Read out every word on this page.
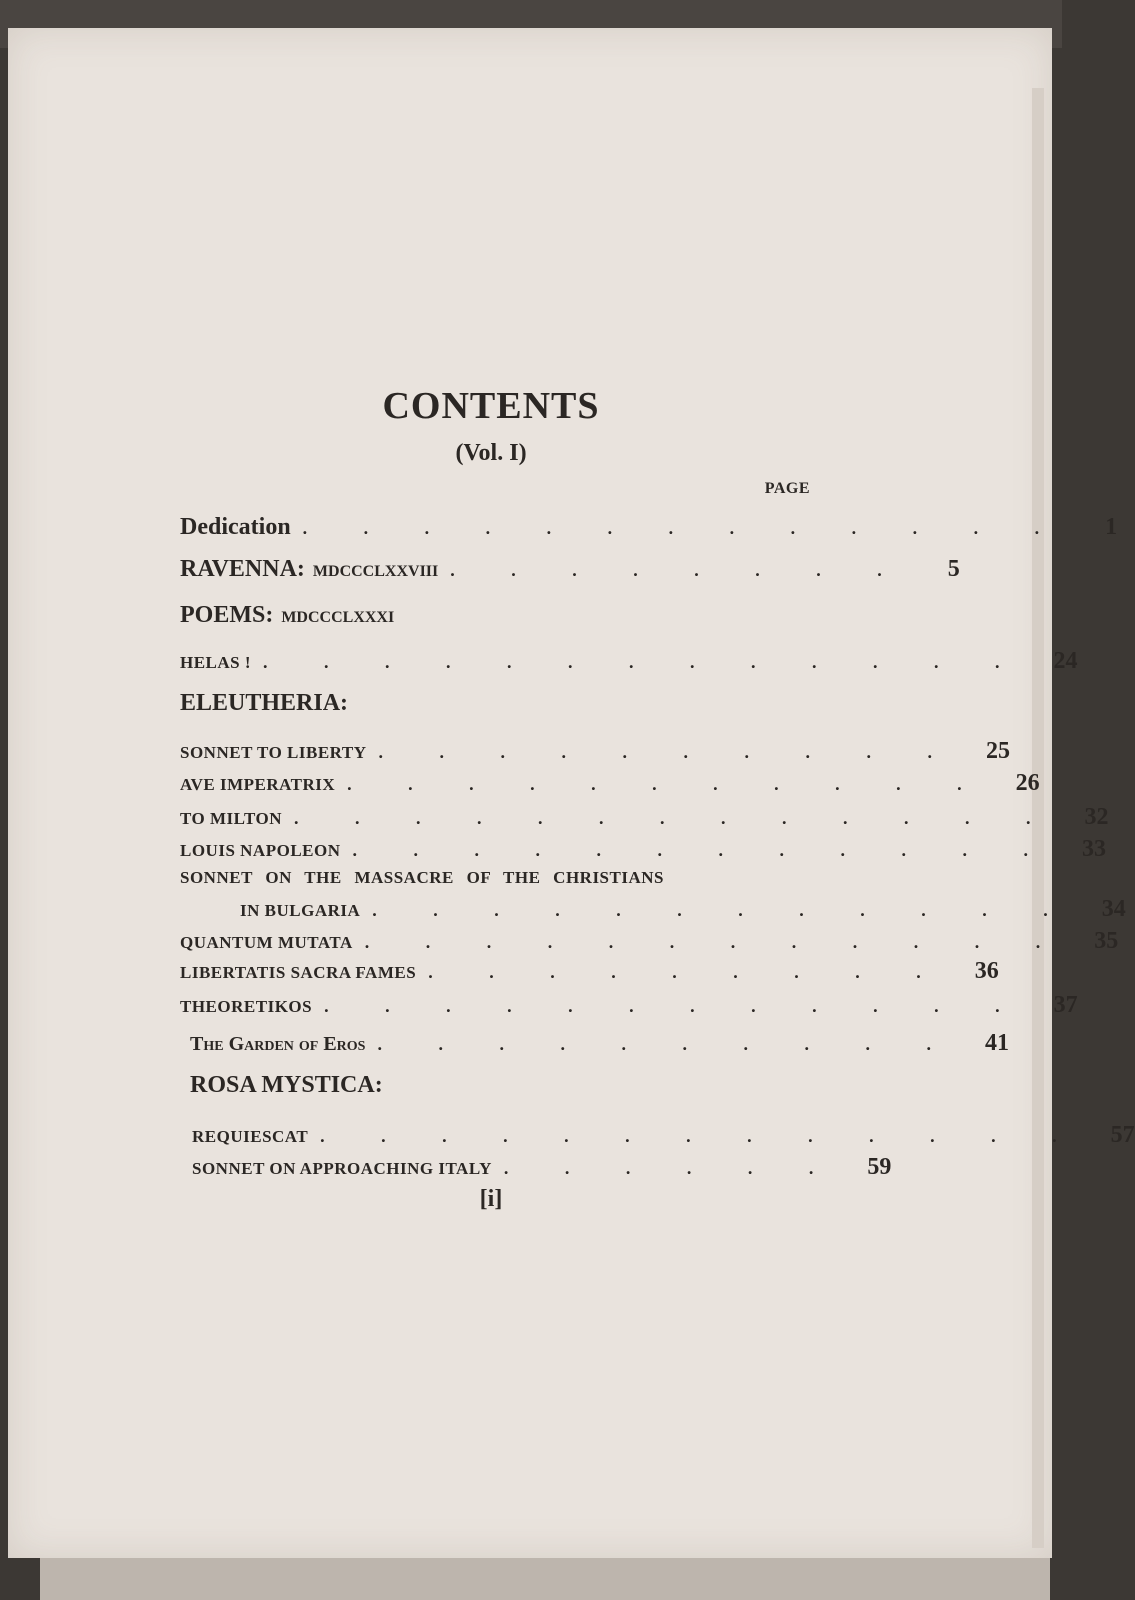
CONTENTS
(Vol. I)
PAGE
Dedication . . . . . . . . . . . . .	1
RAVENNA: MDCCCLXXVIII . . . . . . . .	5
POEMS: MDCCCLXXXI
HELAS ! . . . . . . . . . . . . .	24
ELEUTHERIA:
SONNET TO LIBERTY . . . . . . . . . .	25
AVE IMPERATRIX . . . . . . . . . . .	26
TO MILTON . . . . . . . . . . . . .	32
LOUIS NAPOLEON . . . . . . . . . . . .	33
SONNET ON THE MASSACRE OF THE CHRISTIANS
IN BULGARIA . . . . . . . . . . . .	34
QUANTUM MUTATA . . . . . . . . . . . .	35
LIBERTATIS SACRA FAMES . . . . . . . . .	36
THEORETIKOS . . . . . . . . . . . .	37
The Garden of Eros . . . . . . . . . .	41
ROSA MYSTICA:
REQUIESCAT . . . . . . . . . . . . .	57
SONNET ON APPROACHING ITALY . . . . . .	59
[i]
